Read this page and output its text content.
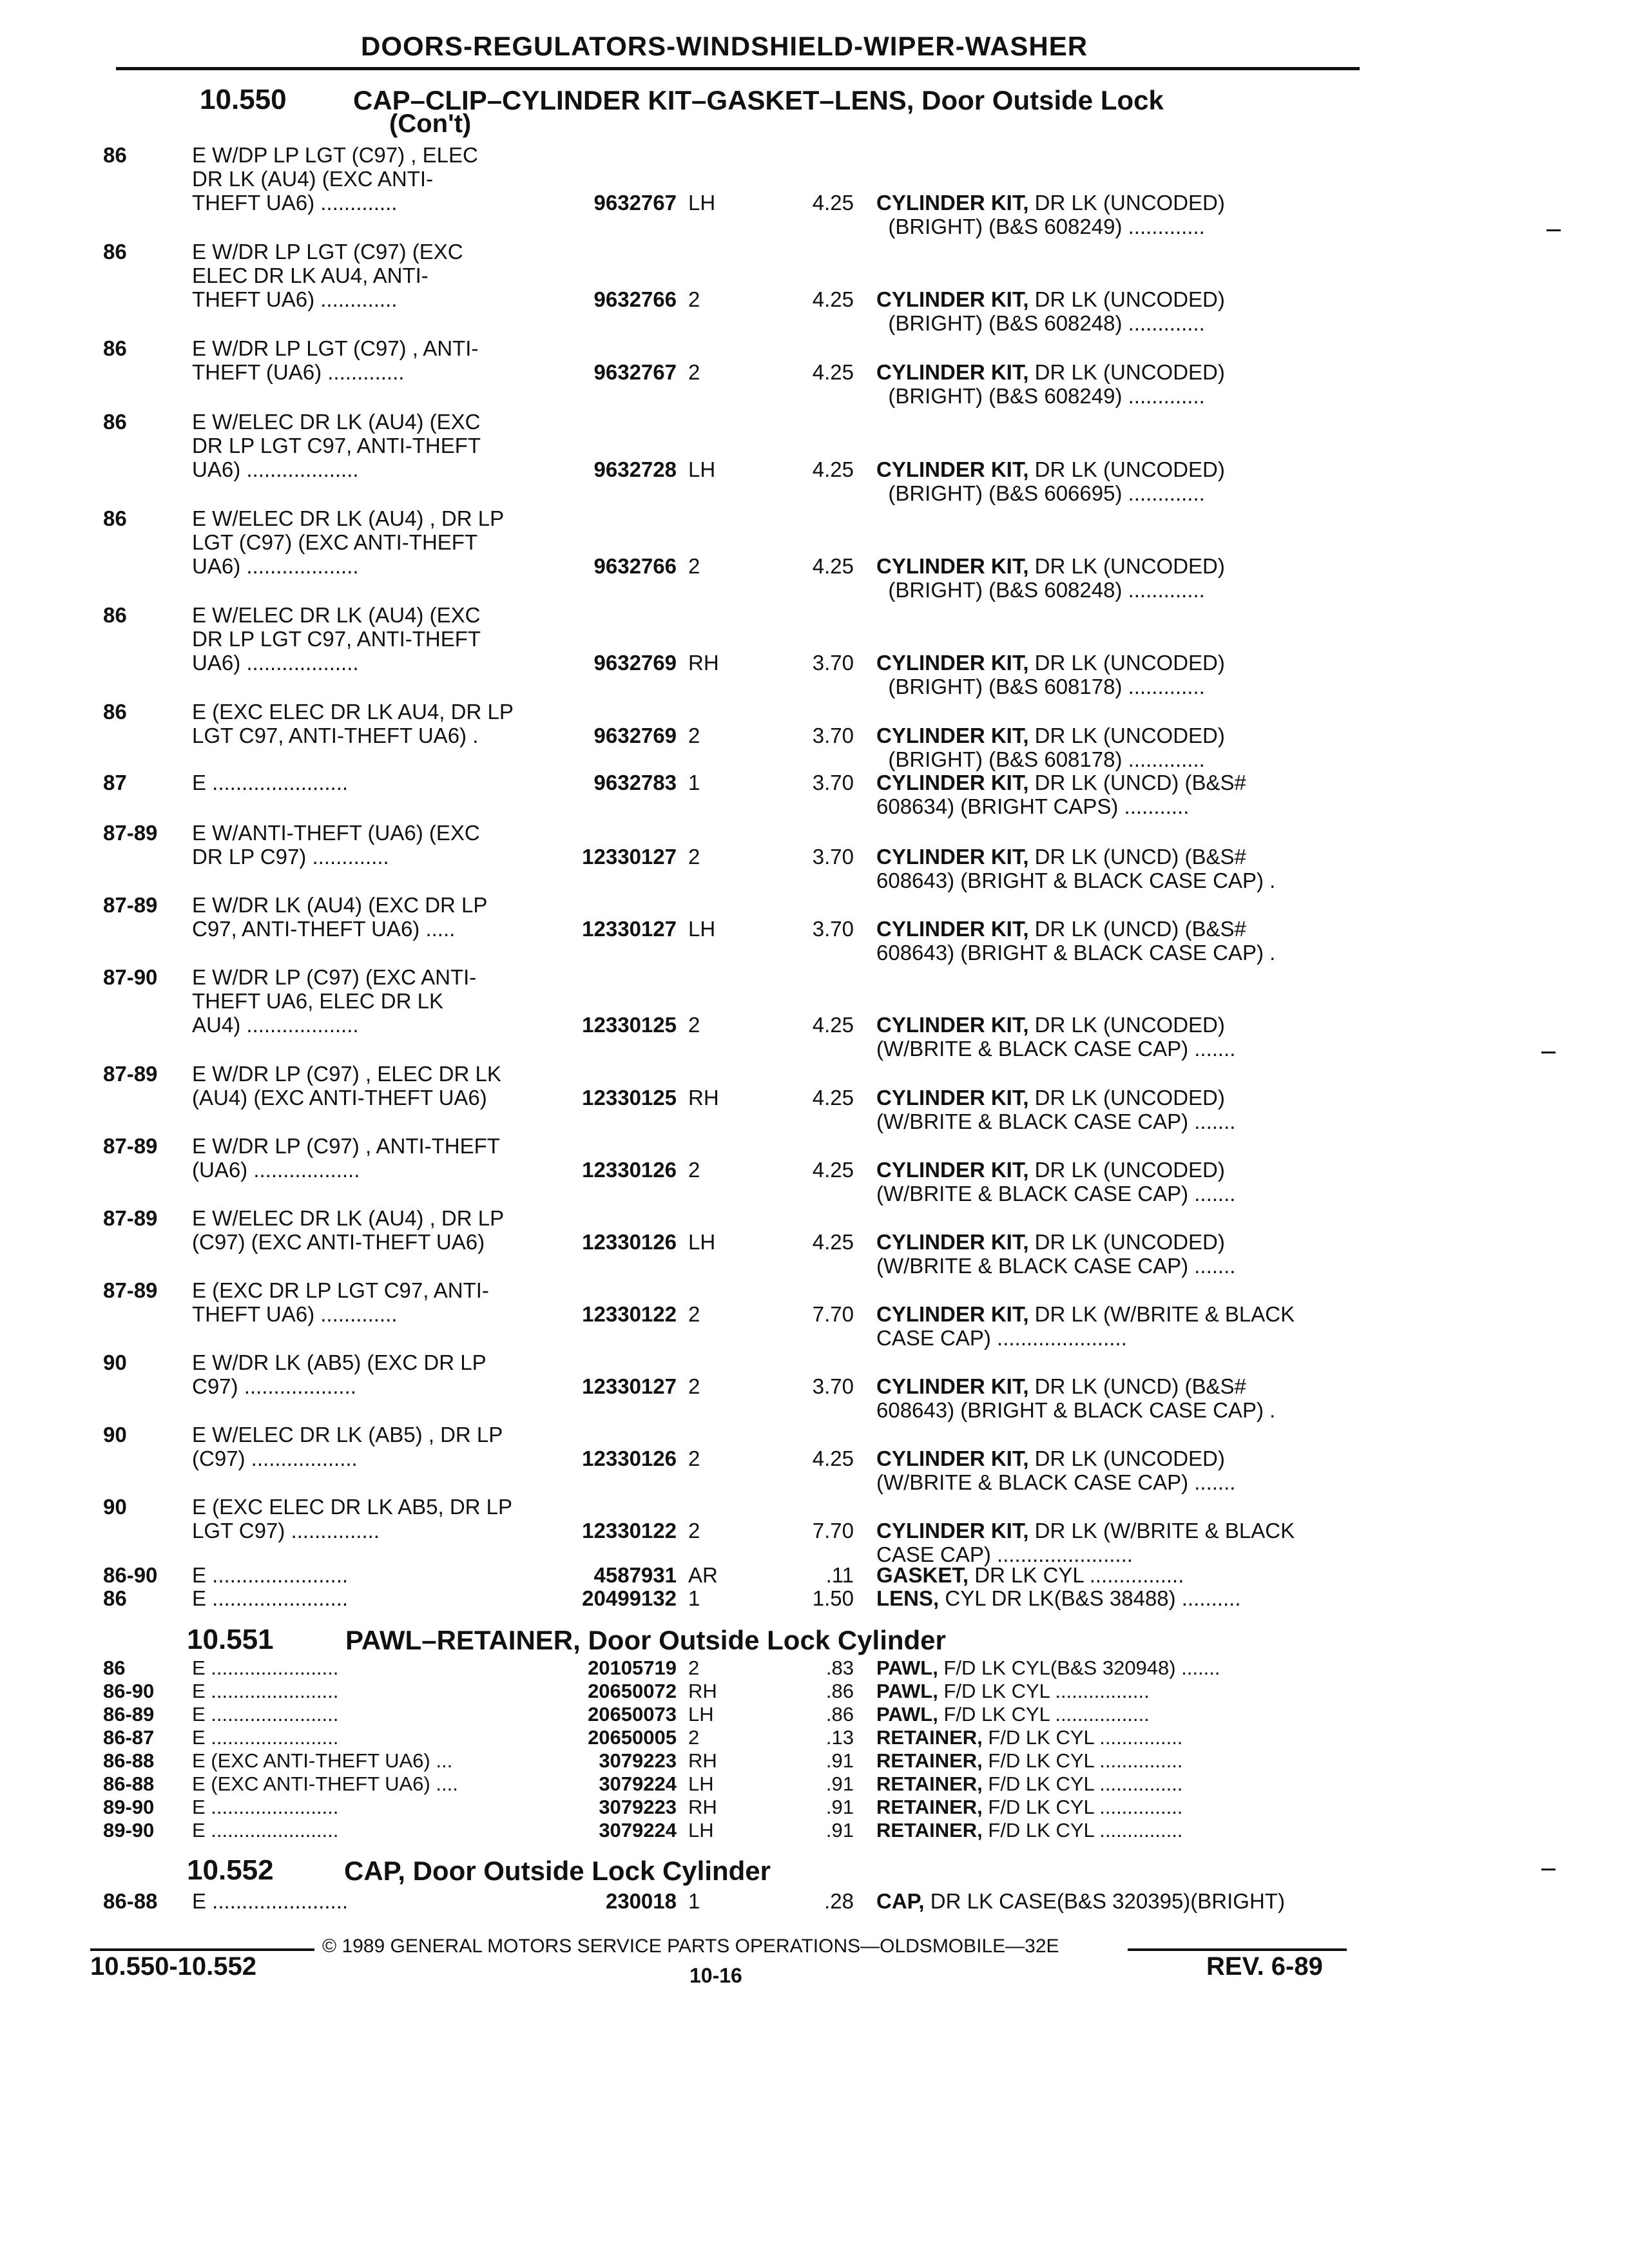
DOORS-REGULATORS-WINDSHIELD-WIPER-WASHER
10.550 CAP–CLIP–CYLINDER KIT–GASKET–LENS, Door Outside Lock
(Con't)
86	E W/DP LP LGT (C97) , ELEC
DR LK (AU4) (EXC ANTI-
THEFT UA6) .............	9632767 LH	4.25 CYLINDER KIT, DR LK (UNCODED)
(BRIGHT) (B&S 608249) .............
86	E W/DR LP LGT (C97) (EXC
ELEC DR LK AU4, ANTI-
THEFT UA6) .............	9632766 2	4.25 CYLINDER KIT, DR LK (UNCODED)
(BRIGHT) (B&S 608248) .............
86	E W/DR LP LGT (C97) , ANTI-
THEFT (UA6) .............	9632767 2	4.25 CYLINDER KIT, DR LK (UNCODED)
(BRIGHT) (B&S 608249) .............
86	E W/ELEC DR LK (AU4) (EXC
DR LP LGT C97, ANTI-THEFT
UA6) ...................	9632728 LH	4.25 CYLINDER KIT, DR LK (UNCODED)
(BRIGHT) (B&S 606695) .............
86	E W/ELEC DR LK (AU4) , DR LP
LGT (C97) (EXC ANTI-THEFT
UA6) ...................	9632766 2	4.25 CYLINDER KIT, DR LK (UNCODED)
(BRIGHT) (B&S 608248) .............
86	E W/ELEC DR LK (AU4) (EXC
DR LP LGT C97, ANTI-THEFT
UA6) ...................	9632769 RH	3.70 CYLINDER KIT, DR LK (UNCODED)
(BRIGHT) (B&S 608178) .............
86	E (EXC ELEC DR LK AU4, DR LP
LGT C97, ANTI-THEFT UA6) .	9632769 2	3.70 CYLINDER KIT, DR LK (UNCODED)
(BRIGHT) (B&S 608178) .............
87	E .......................	9632783 1	3.70 CYLINDER KIT, DR LK (UNCD) (B&S#
608634) (BRIGHT CAPS) ...........
87-89	E W/ANTI-THEFT (UA6) (EXC
DR LP C97) .............	12330127 2	3.70 CYLINDER KIT, DR LK (UNCD) (B&S#
608643) (BRIGHT & BLACK CASE CAP) .
87-89	E W/DR LK (AU4) (EXC DR LP
C97, ANTI-THEFT UA6) .....	12330127 LH	3.70 CYLINDER KIT, DR LK (UNCD) (B&S#
608643) (BRIGHT & BLACK CASE CAP) .
87-90	E W/DR LP (C97) (EXC ANTI-
THEFT UA6, ELEC DR LK
AU4) ...................	12330125 2	4.25 CYLINDER KIT, DR LK (UNCODED)
(W/BRITE & BLACK CASE CAP) .......
87-89	E W/DR LP (C97) , ELEC DR LK
(AU4) (EXC ANTI-THEFT UA6)	12330125 RH	4.25 CYLINDER KIT, DR LK (UNCODED)
(W/BRITE & BLACK CASE CAP) .......
87-89	E W/DR LP (C97) , ANTI-THEFT
(UA6) ..................	12330126 2	4.25 CYLINDER KIT, DR LK (UNCODED)
(W/BRITE & BLACK CASE CAP) .......
87-89	E W/ELEC DR LK (AU4) , DR LP
(C97) (EXC ANTI-THEFT UA6)	12330126 LH	4.25 CYLINDER KIT, DR LK (UNCODED)
(W/BRITE & BLACK CASE CAP) .......
87-89	E (EXC DR LP LGT C97, ANTI-
THEFT UA6) .............	12330122 2	7.70 CYLINDER KIT, DR LK (W/BRITE & BLACK
CASE CAP) ......................
90	E W/DR LK (AB5) (EXC DR LP
C97) ...................	12330127 2	3.70 CYLINDER KIT, DR LK (UNCD) (B&S#
608643) (BRIGHT & BLACK CASE CAP) .
90	E W/ELEC DR LK (AB5) , DR LP
(C97) ..................	12330126 2	4.25 CYLINDER KIT, DR LK (UNCODED)
(W/BRITE & BLACK CASE CAP) .......
90	E (EXC ELEC DR LK AB5, DR LP
LGT C97) ...............	12330122 2	7.70 CYLINDER KIT, DR LK (W/BRITE & BLACK
CASE CAP) .......................
86-90	E .......................	4587931 AR	.11 GASKET, DR LK CYL ................
86	E .......................	20499132 1	1.50 LENS, CYL DR LK(B&S 38488) ..........
10.551	PAWL–RETAINER, Door Outside Lock Cylinder
86	E .......................	20105719 2	.83 PAWL, F/D LK CYL(B&S 320948) .......
86-90	E .......................	20650072 RH	.86 PAWL, F/D LK CYL .................
86-89	E .......................	20650073 LH	.86 PAWL, F/D LK CYL .................
86-87	E .......................	20650005 2	.13 RETAINER, F/D LK CYL ...............
86-88	E (EXC ANTI-THEFT UA6) ...	3079223 RH	.91 RETAINER, F/D LK CYL ...............
86-88	E (EXC ANTI-THEFT UA6) ....	3079224 LH	.91 RETAINER, F/D LK CYL ...............
89-90	E .......................	3079223 RH	.91 RETAINER, F/D LK CYL ...............
89-90	E .......................	3079224 LH	.91 RETAINER, F/D LK CYL ...............
10.552	CAP, Door Outside Lock Cylinder
86-88	E .......................	230018 1	.28 CAP, DR LK CASE(B&S 320395)(BRIGHT)
© 1989 GENERAL MOTORS SERVICE PARTS OPERATIONS—OLDSMOBILE—32E
10.550-10.552	10-16	REV. 6-89
